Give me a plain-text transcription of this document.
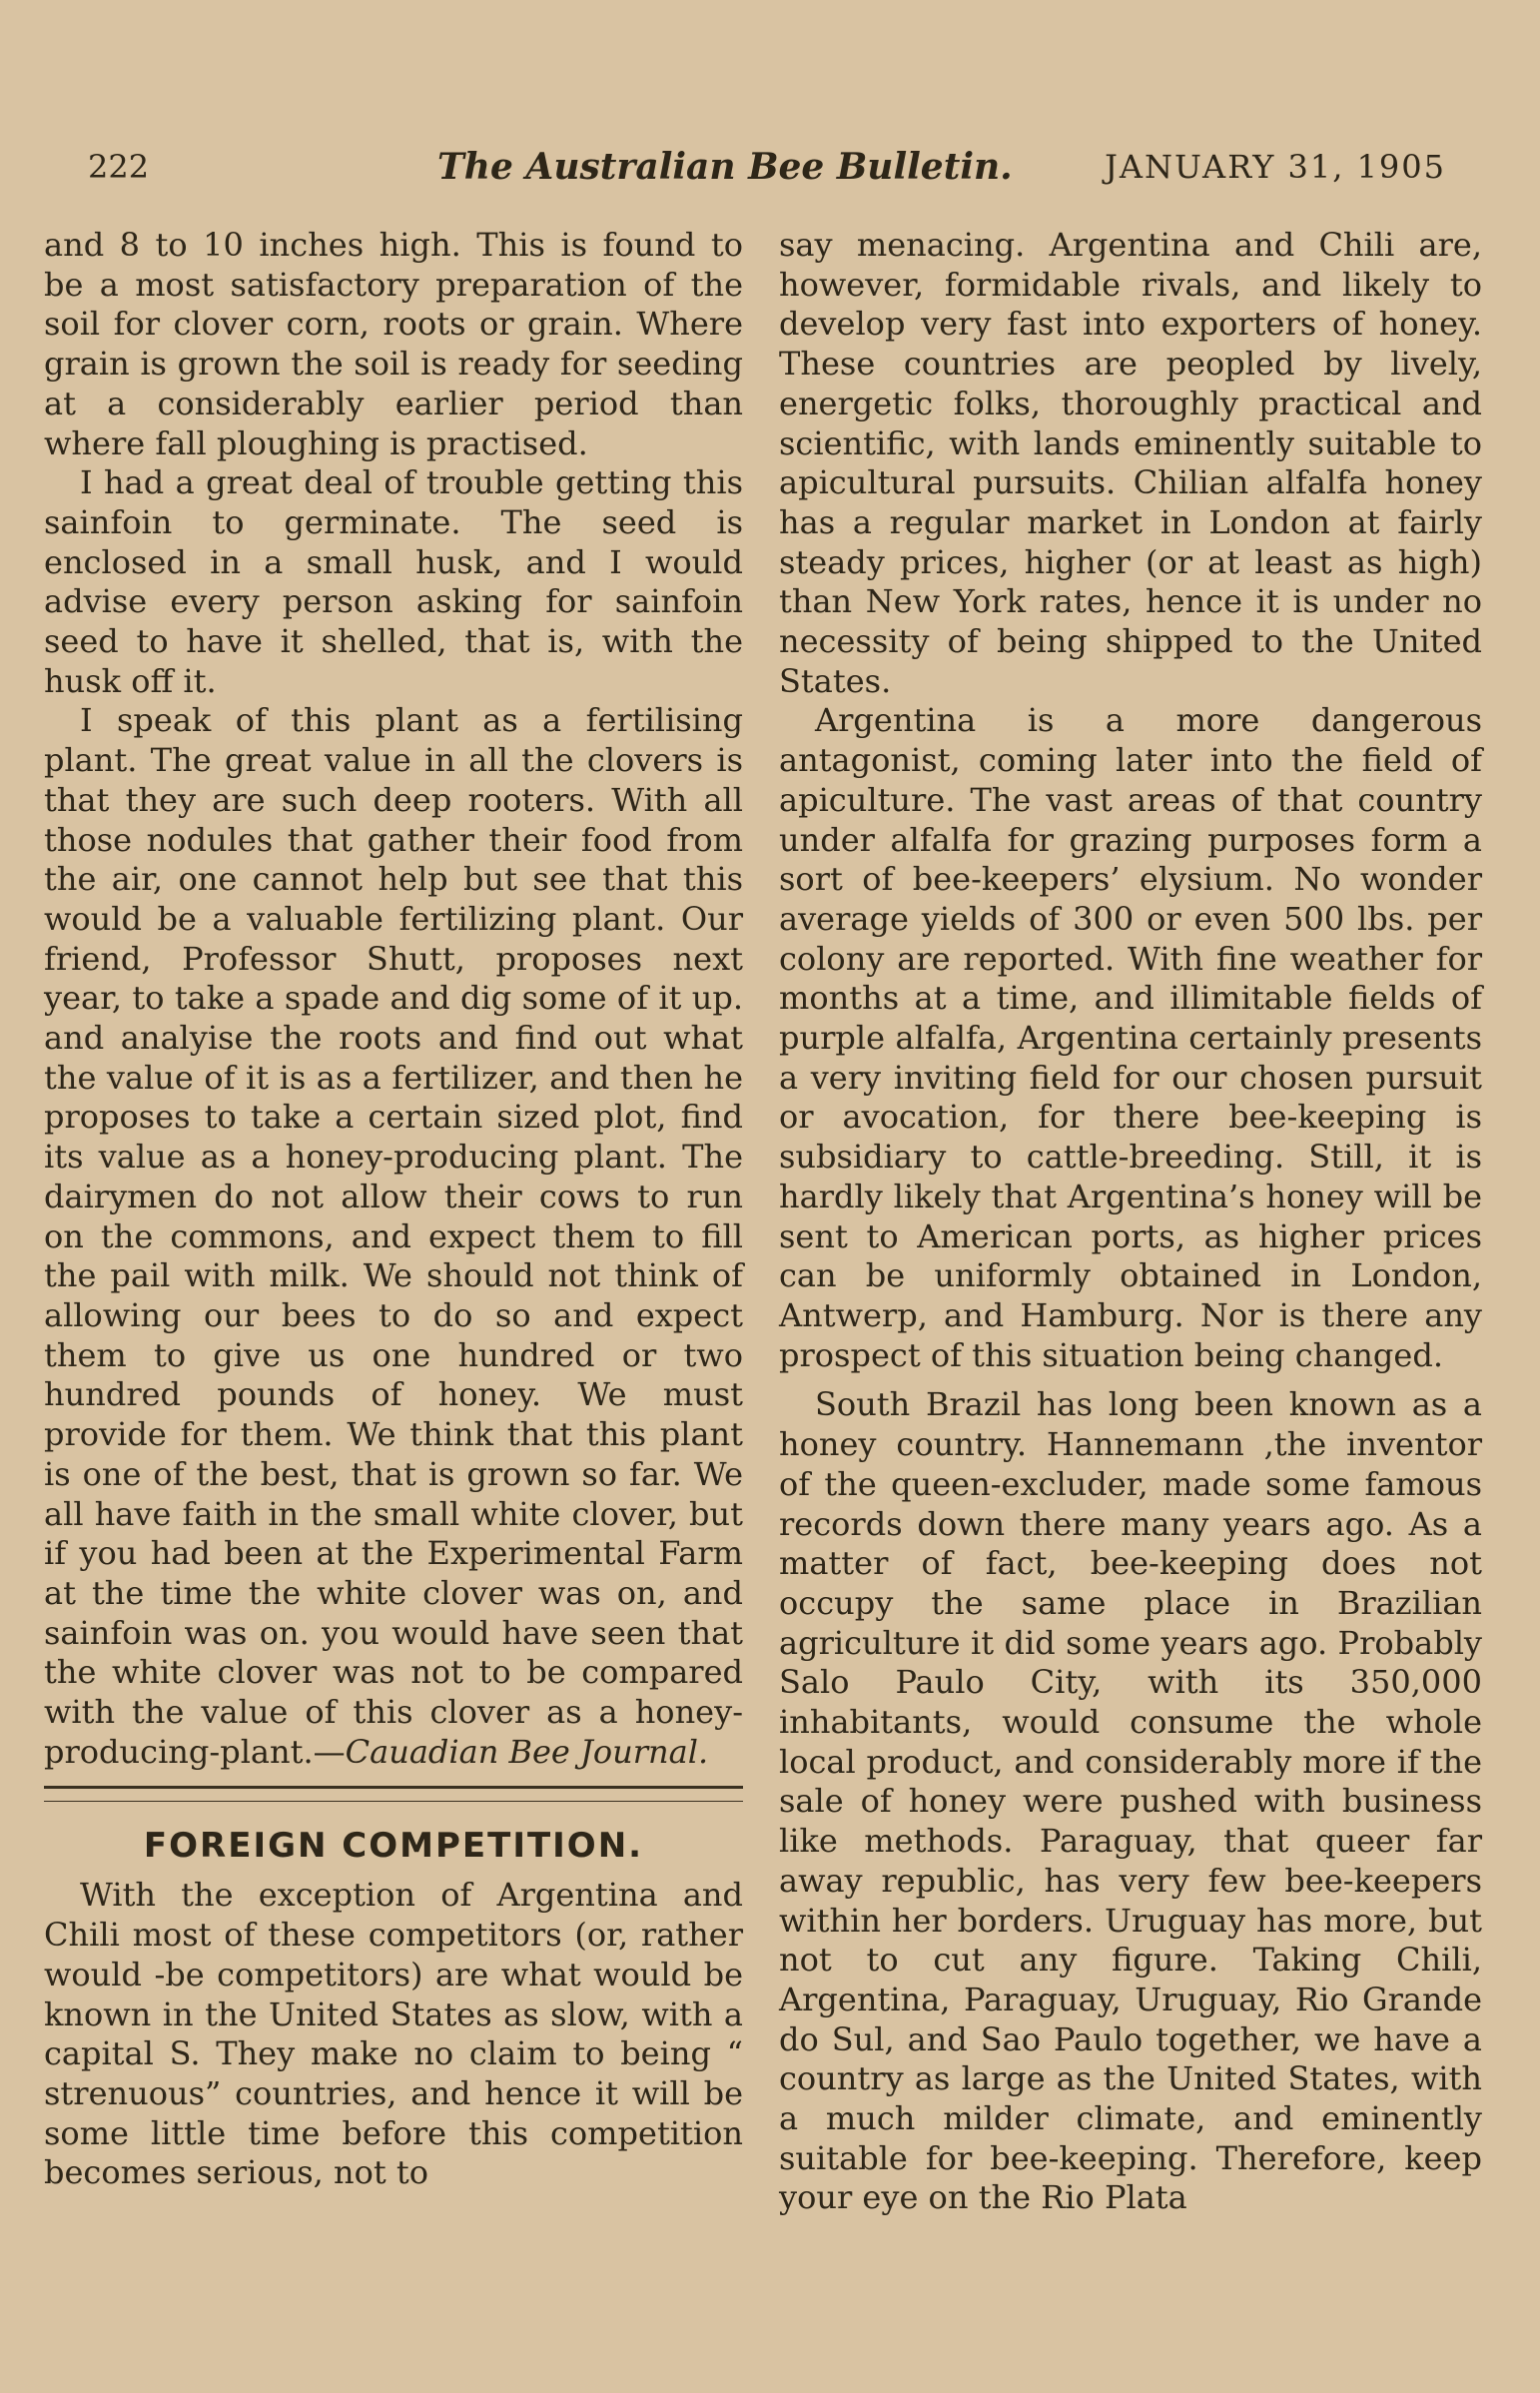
222	The Australian Bee Bulletin.	JANUARY 31, 1905

and 8 to 10 inches high. This is found to be a most satisfactory preparation of the soil for clover corn, roots or grain. Where grain is grown the soil is ready for seeding at a considerably earlier period than where fall ploughing is practised.

I had a great deal of trouble getting this sainfoin to germinate. The seed is enclosed in a small husk, and I would advise every person asking for sainfoin seed to have it shelled, that is, with the husk off it.

I speak of this plant as a fertilising plant. The great value in all the clovers is that they are such deep rooters. With all those nodules that gather their food from the air, one cannot help but see that this would be a valuable fertilizing plant. Our friend, Professor Shutt, proposes next year, to take a spade and dig some of it up. and analyise the roots and find out what the value of it is as a fertilizer, and then he proposes to take a certain sized plot, find its value as a honey-producing plant. The dairymen do not allow their cows to run on the commons, and expect them to fill the pail with milk. We should not think of allowing our bees to do so and expect them to give us one hundred or two hundred pounds of honey. We must provide for them. We think that this plant is one of the best, that is grown so far. We all have faith in the small white clover, but if you had been at the Experimental Farm at the time the white clover was on, and sainfoin was on. you would have seen that the white clover was not to be compared with the value of this clover as a honey-producing-plant.—Cauadian Bee Journal.

FOREIGN COMPETITION.

With the exception of Argentina and Chili most of these competitors (or, rather would -be competitors) are what would be known in the United States as slow, with a capital S. They make no claim to being “ strenuous” countries, and hence it will be some little time before this competition becomes serious, not to

say menacing. Argentina and Chili are, however, formidable rivals, and likely to develop very fast into exporters of honey. These countries are peopled by lively, energetic folks, thoroughly practical and scientific, with lands eminently suitable to apicultural pursuits. Chilian alfalfa honey has a regular market in London at fairly steady prices, higher (or at least as high) than New York rates, hence it is under no necessity of being shipped to the United States.

Argentina is a more dangerous antagonist, coming later into the field of apiculture. The vast areas of that country under alfalfa for grazing purposes form a sort of bee-keepers’ elysium. No wonder average yields of 300 or even 500 lbs. per colony are reported. With fine weather for months at a time, and illimitable fields of purple alfalfa, Argentina certainly presents a very inviting field for our chosen pursuit or avocation, for there bee-keeping is subsidiary to cattle-breeding. Still, it is hardly likely that Argentina’s honey will be sent to American ports, as higher prices can be uniformly obtained in London, Antwerp, and Hamburg. Nor is there any prospect of this situation being changed.

South Brazil has long been known as a honey country. Hannemann ,the inventor of the queen-excluder, made some famous records down there many years ago. As a matter of fact, bee-keeping does not occupy the same place in Brazilian agriculture it did some years ago. Probably Salo Paulo City, with its 350,000 inhabitants, would consume the whole local product, and considerably more if the sale of honey were pushed with business like methods. Paraguay, that queer far away republic, has very few bee-keepers within her borders. Uruguay has more, but not to cut any figure. Taking Chili, Argentina, Paraguay, Uruguay, Rio Grande do Sul, and Sao Paulo together, we have a country as large as the United States, with a much milder climate, and eminently suitable for bee-keeping. Therefore, keep your eye on the Rio Plata
